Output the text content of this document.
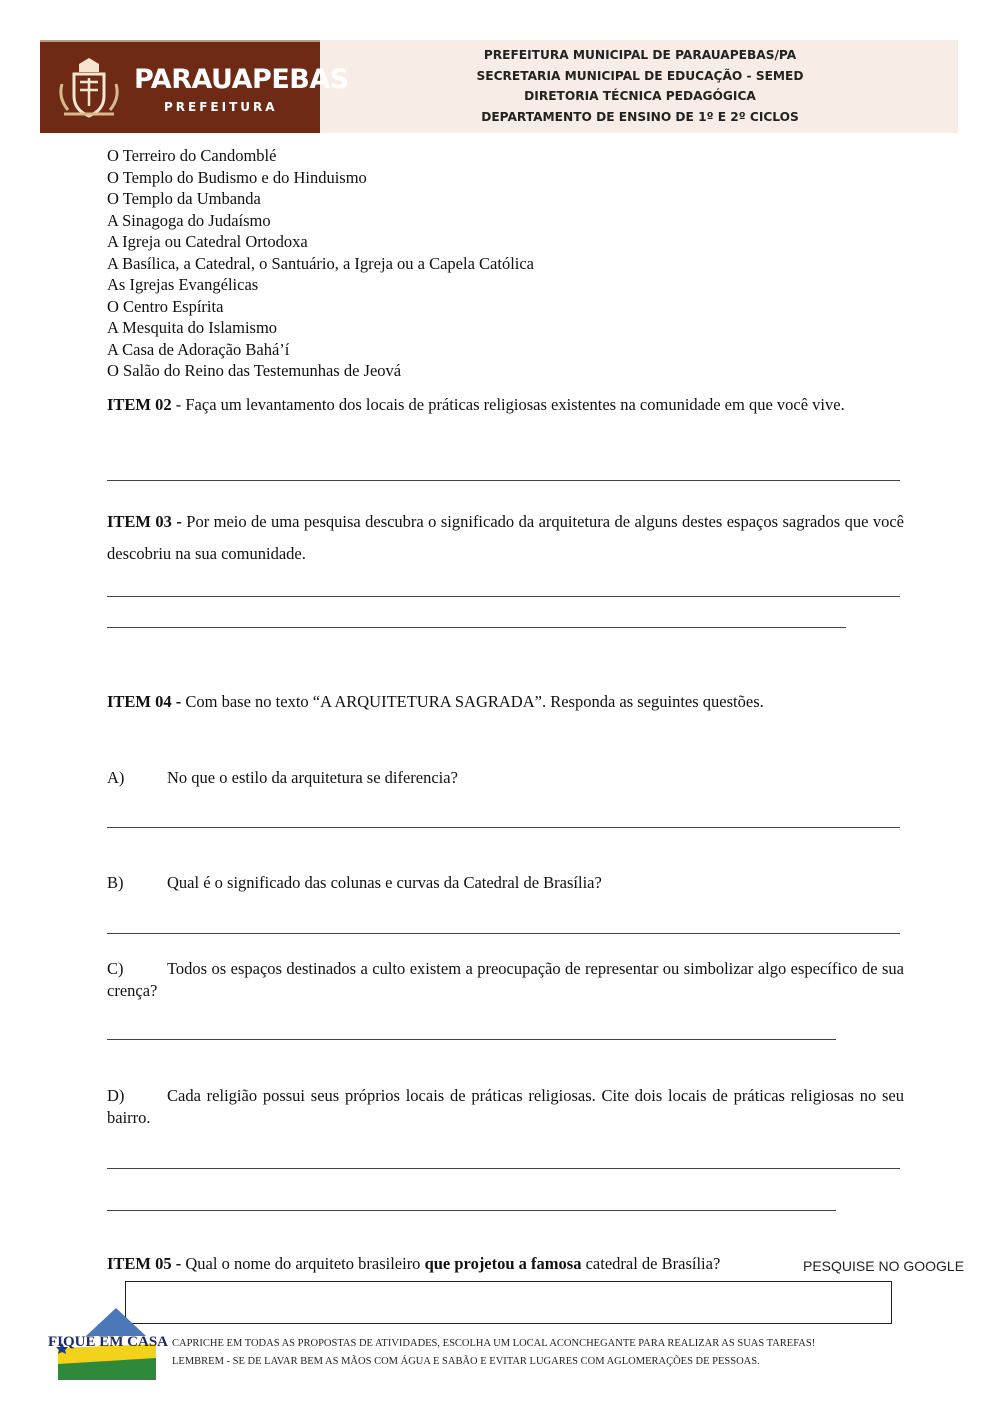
PARAUAPEBAS
PREFEITURA
PREFEITURA MUNICIPAL DE PARAUAPEBAS/PA
SECRETARIA MUNICIPAL DE EDUCAÇÃO - SEMED
DIRETORIA TÉCNICA PEDAGÓGICA
DEPARTAMENTO DE ENSINO DE 1º E 2º CICLOS
O Terreiro do Candomblé
O Templo do Budismo e do Hinduismo
O Templo da Umbanda
A Sinagoga do Judaísmo
A Igreja ou Catedral Ortodoxa
A Basílica, a Catedral, o Santuário, a Igreja ou a Capela Católica
As Igrejas Evangélicas
O Centro Espírita
A Mesquita do Islamismo
A Casa de Adoração Bahá’í
O Salão do Reino das Testemunhas de Jeová
ITEM 02 - Faça um levantamento dos locais de práticas religiosas existentes na comunidade em que você vive.
ITEM 03 - Por meio de uma pesquisa descubra o significado da arquitetura de alguns destes espaços sagrados que você descobriu na sua comunidade.
ITEM 04 - Com base no texto “A ARQUITETURA SAGRADA”. Responda as seguintes questões.
A)	No que o estilo da arquitetura se diferencia?
B)	Qual é o significado das colunas e curvas da Catedral de Brasília?
C)	Todos os espaços destinados a culto existem a preocupação de representar ou simbolizar algo específico de sua crença?
D)	Cada religião possui seus próprios locais de práticas religiosas. Cite dois locais de práticas religiosas no seu bairro.
ITEM 05 - Qual o nome do arquiteto brasileiro que projetou a famosa catedral de Brasília?	PESQUISE NO GOOGLE
FIQUE EM CASA CAPRICHE EM TODAS AS PROPOSTAS DE ATIVIDADES, ESCOLHA UM LOCAL ACONCHEGANTE PARA REALIZAR AS SUAS TAREFAS!
LEMBREM - SE DE LAVAR BEM AS MÃOS COM ÁGUA E SABÃO E EVITAR LUGARES COM AGLOMERAÇÕES DE PESSOAS.
